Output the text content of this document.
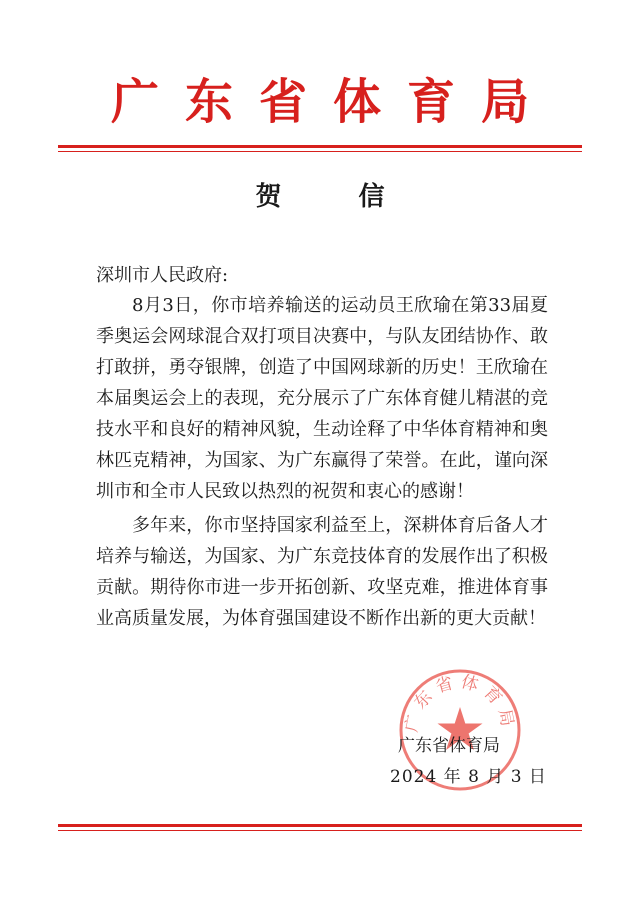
广东省体育局
贺 信
深圳市人民政府:

8月3日，你市培养输送的运动员王欣瑜在第33届夏季奥运会网球混合双打项目决赛中，与队友团结协作、敢打敢拼，勇夺银牌，创造了中国网球新的历史！王欣瑜在本届奥运会上的表现，充分展示了广东体育健儿精湛的竞技水平和良好的精神风貌，生动诠释了中华体育精神和奥林匹克精神，为国家、为广东赢得了荣誉。在此，谨向深圳市和全市人民致以热烈的祝贺和衷心的感谢！

多年来，你市坚持国家利益至上，深耕体育后备人才培养与输送，为国家、为广东竞技体育的发展作出了积极贡献。期待你市进一步开拓创新、攻坚克难，推进体育事业高质量发展，为体育强国建设不断作出新的更大贡献！

广东省体育局
广东省体育局
2024 年 8 月 3 日
